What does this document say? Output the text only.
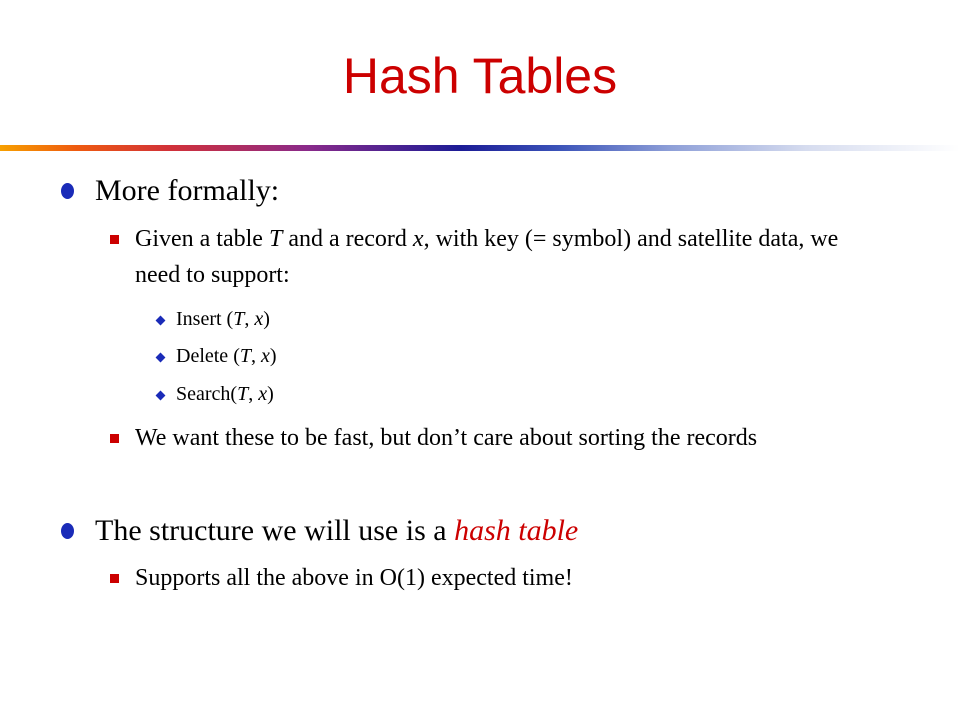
Hash Tables

More formally:

Given a table T and a record x, with key (= symbol) and satellite data, we need to support:

Insert (T, x)

Delete (T, x)

Search(T, x)

We want these to be fast, but don’t care about sorting the records

The structure we will use is a hash table

Supports all the above in O(1) expected time!
